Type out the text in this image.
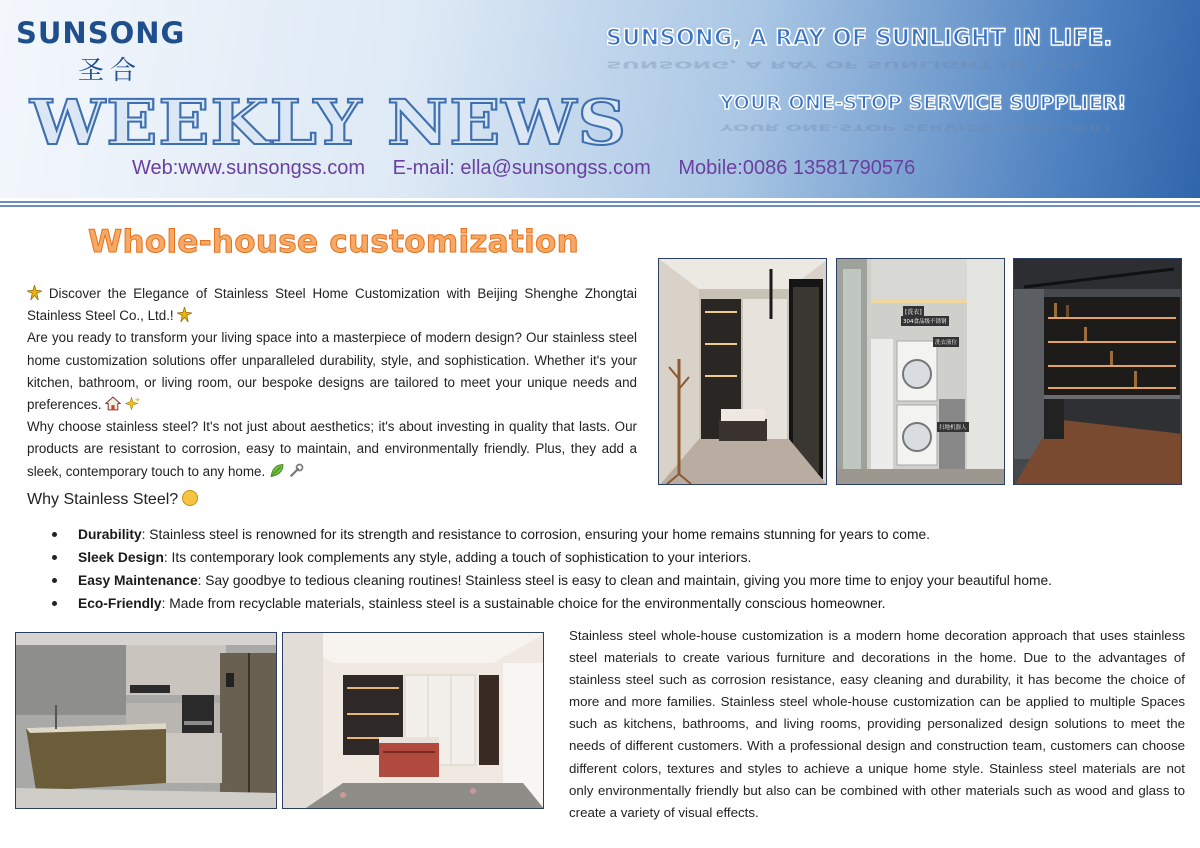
SUNSONG
圣合
WEEKLY NEWS
SUNSONG, A RAY OF SUNLIGHT IN LIFE.
SUNSONG, A RAY OF SUNLIGHT IN LIFE.
YOUR ONE-STOP SERVICE SUPPLIER!
YOUR ONE-STOP SERVICE SUPPLIER!
Web:www.sunsongss.com E-mail: ella@sunsongss.com Mobile:0086 13581790576
Whole-house customization

Discover the Elegance of Stainless Steel Home Customization with Beijing Shenghe Zhongtai Stainless Steel Co., Ltd.!

Are you ready to transform your living space into a masterpiece of modern design? Our stainless steel home customization solutions offer unparalleled durability, style, and sophistication. Whether it's your kitchen, bathroom, or living room, our bespoke designs are tailored to meet your unique needs and preferences.

Why choose stainless steel? It's not just about aesthetics; it's about investing in quality that lasts. Our products are resistant to corrosion, easy to maintain, and environmentally friendly. Plus, they add a sleek, contemporary touch to any home.

Why Stainless Steel?
Durability: Stainless steel is renowned for its strength and resistance to corrosion, ensuring your home remains stunning for years to come.
Sleek Design: Its contemporary look complements any style, adding a touch of sophistication to your interiors.
Easy Maintenance: Say goodbye to tedious cleaning routines! Stainless steel is easy to clean and maintain, giving you more time to enjoy your beautiful home.
Eco-Friendly: Made from recyclable materials, stainless steel is a sustainable choice for the environmentally conscious homeowner.
[洗衣]
304食品级不锈钢
洗衣液位
扫地机器人
Stainless steel whole-house customization is a modern home decoration approach that uses stainless steel materials to create various furniture and decorations in the home. Due to the advantages of stainless steel such as corrosion resistance, easy cleaning and durability, it has become the choice of more and more families. Stainless steel whole-house customization can be applied to multiple Spaces such as kitchens, bathrooms, and living rooms, providing personalized design solutions to meet the needs of different customers. With a professional design and construction team, customers can choose different colors, textures and styles to achieve a unique home style. Stainless steel materials are not only environmentally friendly but also can be combined with other materials such as wood and glass to create a variety of visual effects.
